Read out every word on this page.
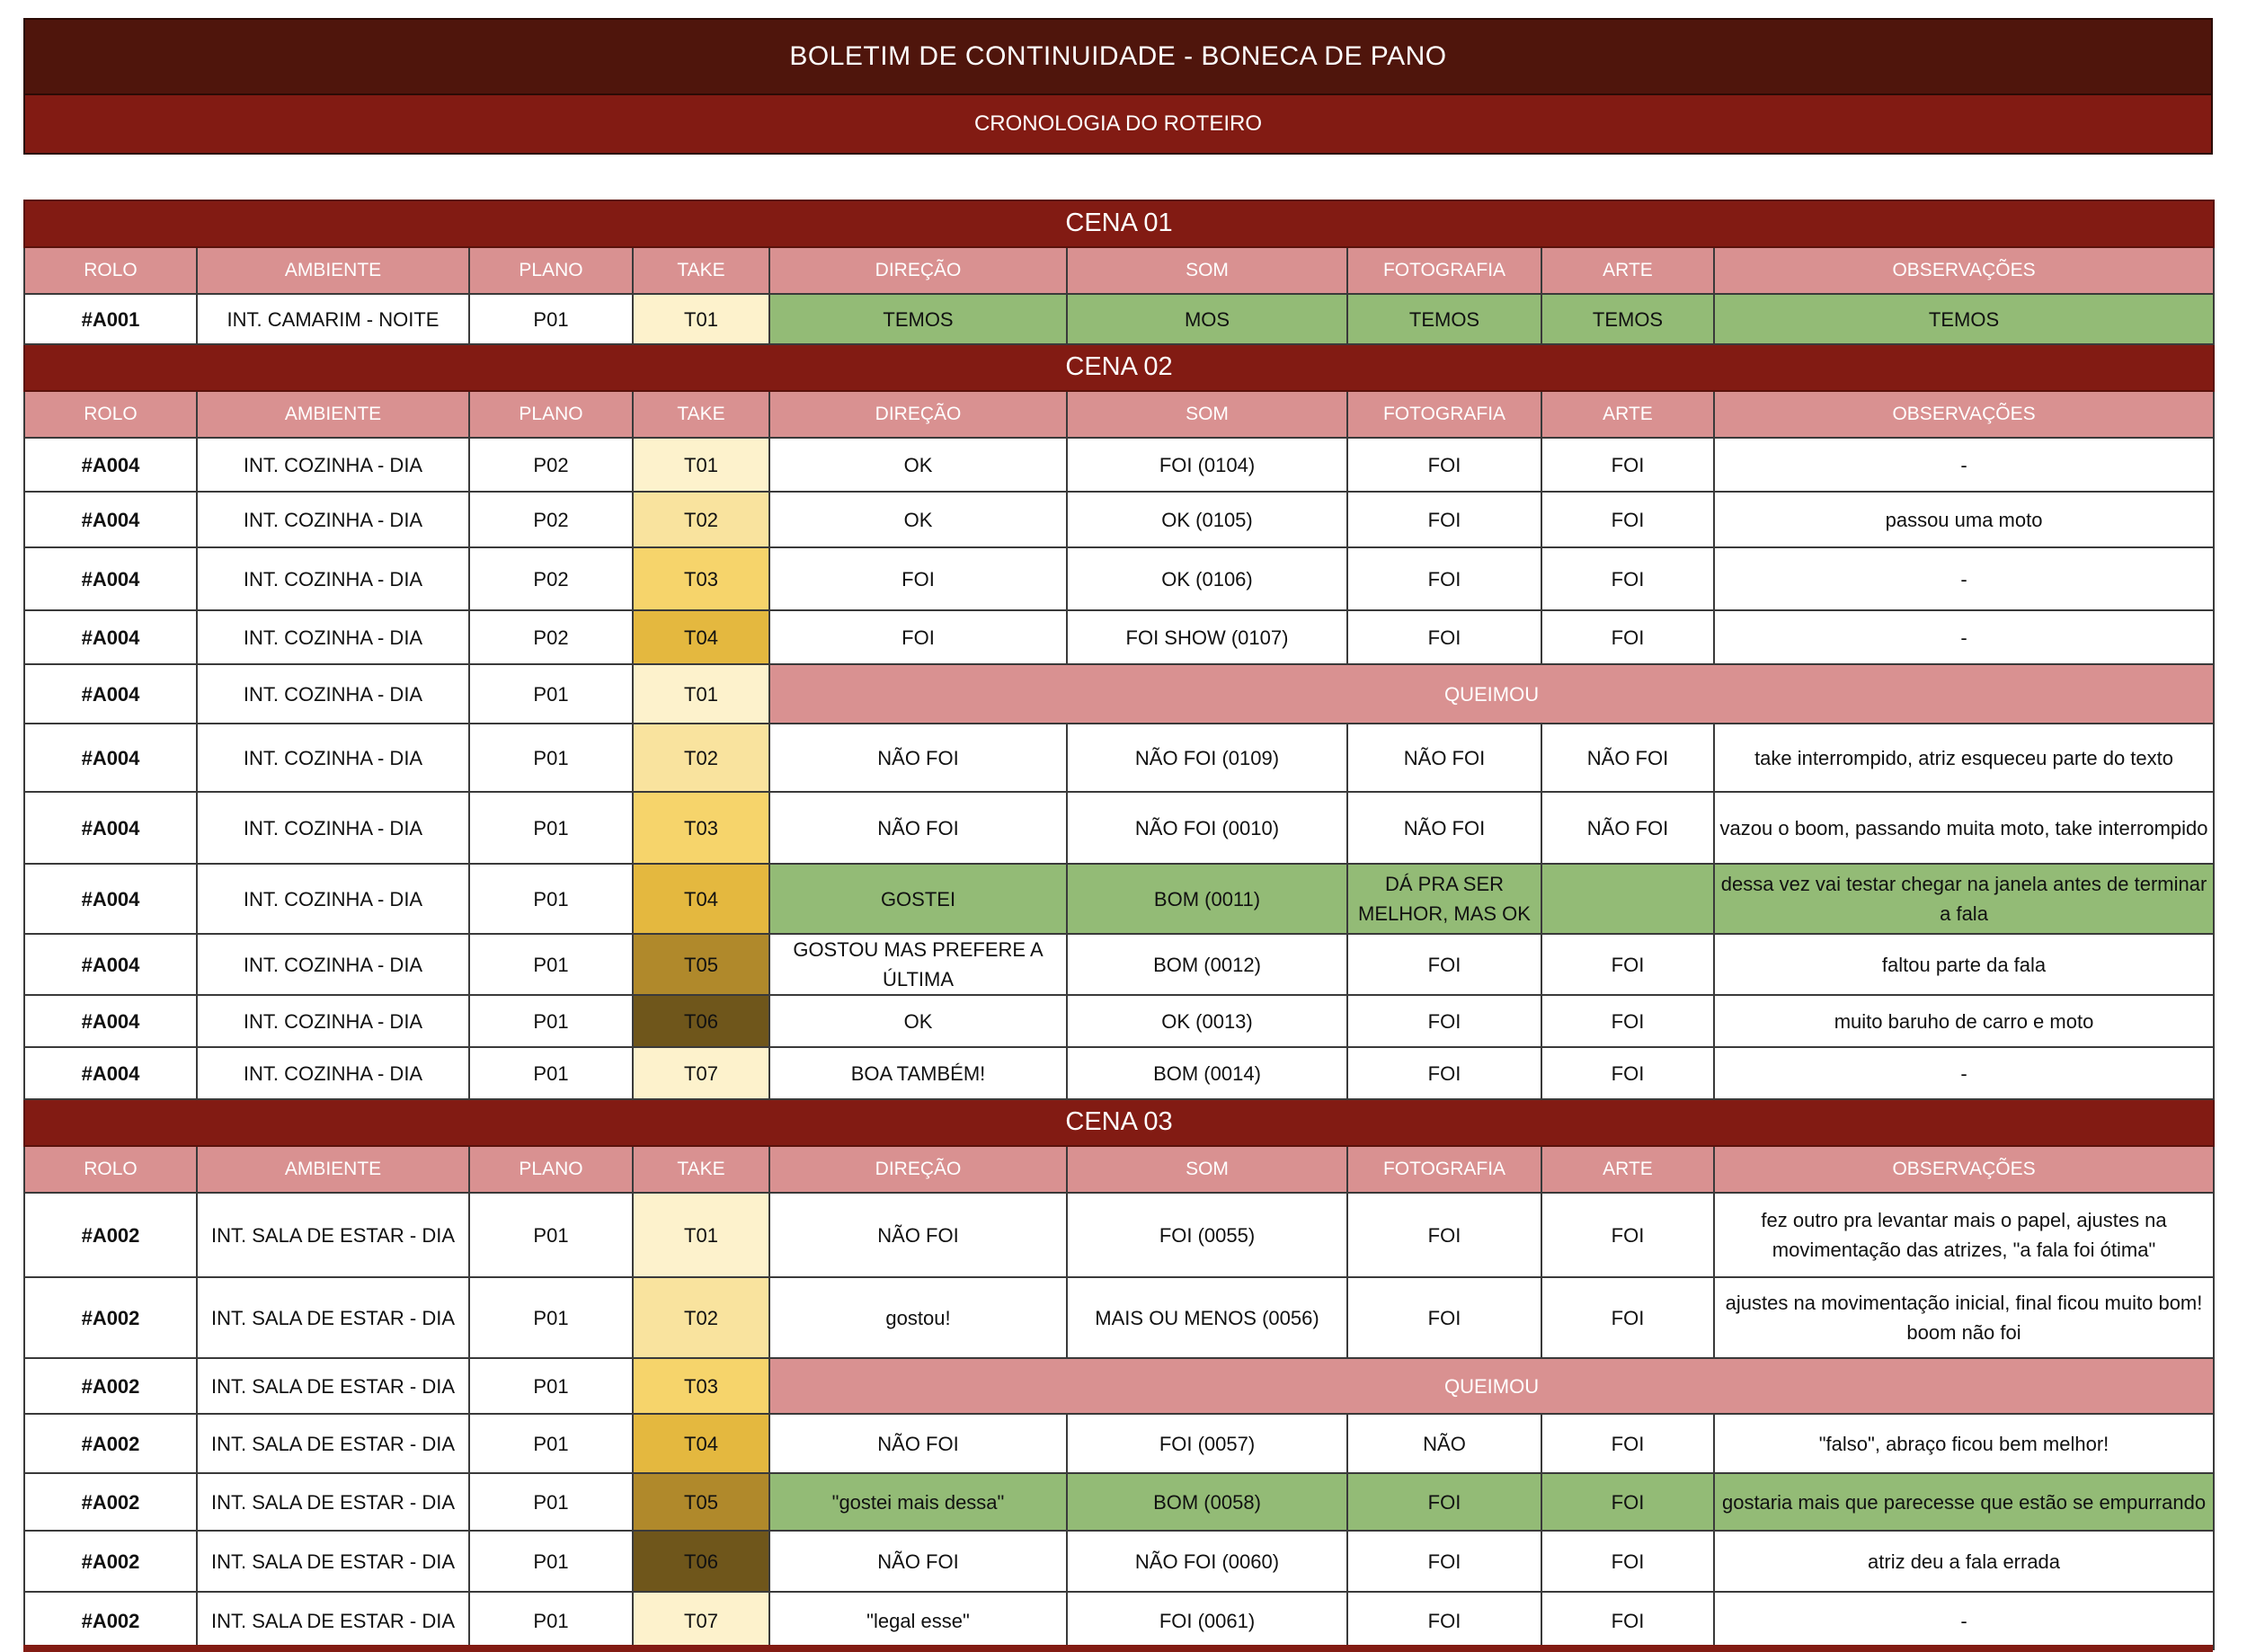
BOLETIM DE CONTINUIDADE - BONECA DE PANO
CRONOLOGIA DO ROTEIRO
CENA 01								
ROLO	AMBIENTE	PLANO	TAKE	DIREÇÃO	SOM	FOTOGRAFIA	ARTE	OBSERVAÇÕES
#A001	INT. CAMARIM - NOITE	P01	T01	TEMOS	MOS	TEMOS	TEMOS	TEMOS
CENA 02								
ROLO	AMBIENTE	PLANO	TAKE	DIREÇÃO	SOM	FOTOGRAFIA	ARTE	OBSERVAÇÕES
#A004	INT. COZINHA - DIA	P02	T01	OK	FOI (0104)	FOI	FOI	-
#A004	INT. COZINHA - DIA	P02	T02	OK	OK (0105)	FOI	FOI	passou uma moto
#A004	INT. COZINHA - DIA	P02	T03	FOI	OK (0106)	FOI	FOI	-
#A004	INT. COZINHA - DIA	P02	T04	FOI	FOI SHOW (0107)	FOI	FOI	-
#A004	INT. COZINHA - DIA	P01	T01	QUEIMOU				
#A004	INT. COZINHA - DIA	P01	T02	NÃO FOI	NÃO FOI (0109)	NÃO FOI	NÃO FOI	take interrompido, atriz esqueceu parte do texto
#A004	INT. COZINHA - DIA	P01	T03	NÃO FOI	NÃO FOI (0010)	NÃO FOI	NÃO FOI	vazou o boom, passando muita moto, take interrompido
#A004	INT. COZINHA - DIA	P01	T04	GOSTEI	BOM (0011)	DÁ PRA SER MELHOR, MAS OK		dessa vez vai testar chegar na janela antes de terminar a fala
#A004	INT. COZINHA - DIA	P01	T05	GOSTOU MAS PREFERE A ÚLTIMA	BOM (0012)	FOI	FOI	faltou parte da fala
#A004	INT. COZINHA - DIA	P01	T06	OK	OK (0013)	FOI	FOI	muito baruho de carro e moto
#A004	INT. COZINHA - DIA	P01	T07	BOA TAMBÉM!	BOM (0014)	FOI	FOI	-
CENA 03								
ROLO	AMBIENTE	PLANO	TAKE	DIREÇÃO	SOM	FOTOGRAFIA	ARTE	OBSERVAÇÕES
#A002	INT. SALA DE ESTAR - DIA	P01	T01	NÃO FOI	FOI (0055)	FOI	FOI	fez outro pra levantar mais o papel, ajustes na movimentação das atrizes, "a fala foi ótima"
#A002	INT. SALA DE ESTAR - DIA	P01	T02	gostou!	MAIS OU MENOS (0056)	FOI	FOI	ajustes na movimentação inicial, final ficou muito bom! boom não foi
#A002	INT. SALA DE ESTAR - DIA	P01	T03	QUEIMOU				
#A002	INT. SALA DE ESTAR - DIA	P01	T04	NÃO FOI	FOI (0057)	NÃO	FOI	"falso", abraço ficou bem melhor!
#A002	INT. SALA DE ESTAR - DIA	P01	T05	"gostei mais dessa"	BOM (0058)	FOI	FOI	gostaria mais que parecesse que estão se empurrando
#A002	INT. SALA DE ESTAR - DIA	P01	T06	NÃO FOI	NÃO FOI (0060)	FOI	FOI	atriz deu a fala errada
#A002	INT. SALA DE ESTAR - DIA	P01	T07	"legal esse"	FOI (0061)	FOI	FOI	-
